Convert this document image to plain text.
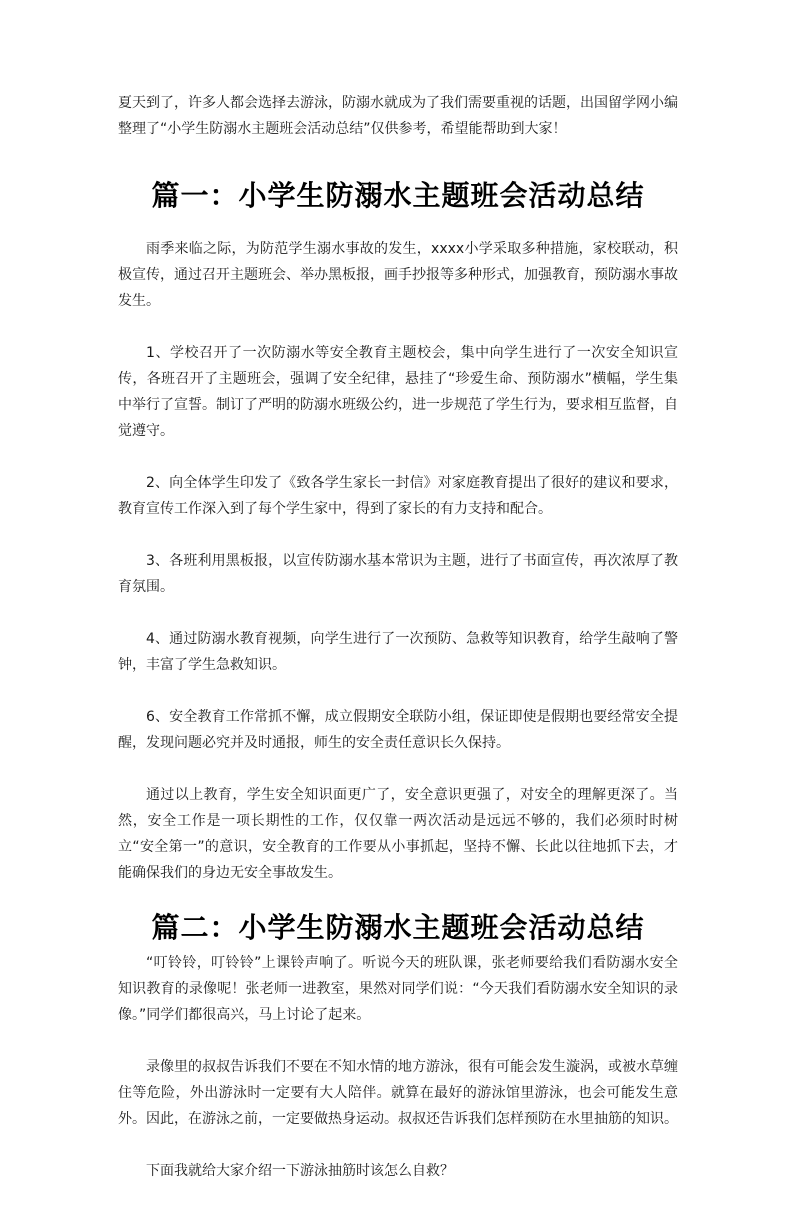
夏天到了，许多人都会选择去游泳，防溺水就成为了我们需要重视的话题，出国留学网小编整理了“小学生防溺水主题班会活动总结”仅供参考，希望能帮助到大家！

篇一：小学生防溺水主题班会活动总结

雨季来临之际，为防范学生溺水事故的发生，xxxx小学采取多种措施，家校联动，积极宣传，通过召开主题班会、举办黑板报，画手抄报等多种形式，加强教育，预防溺水事故发生。

1、学校召开了一次防溺水等安全教育主题校会，集中向学生进行了一次安全知识宣传，各班召开了主题班会，强调了安全纪律，悬挂了“珍爱生命、预防溺水”横幅，学生集中举行了宣誓。制订了严明的防溺水班级公约，进一步规范了学生行为，要求相互监督，自觉遵守。

2、向全体学生印发了《致各学生家长一封信》对家庭教育提出了很好的建议和要求，教育宣传工作深入到了每个学生家中，得到了家长的有力支持和配合。

3、各班利用黑板报，以宣传防溺水基本常识为主题，进行了书面宣传，再次浓厚了教育氛围。

4、通过防溺水教育视频，向学生进行了一次预防、急救等知识教育，给学生敲响了警钟，丰富了学生急救知识。

6、安全教育工作常抓不懈，成立假期安全联防小组，保证即使是假期也要经常安全提醒，发现问题必究并及时通报，师生的安全责任意识长久保持。

通过以上教育，学生安全知识面更广了，安全意识更强了，对安全的理解更深了。当然，安全工作是一项长期性的工作，仅仅靠一两次活动是远远不够的，我们必须时时树立“安全第一”的意识，安全教育的工作要从小事抓起，坚持不懈、长此以往地抓下去，才能确保我们的身边无安全事故发生。

篇二：小学生防溺水主题班会活动总结

“叮铃铃，叮铃铃”上课铃声响了。听说今天的班队课，张老师要给我们看防溺水安全知识教育的录像呢！张老师一进教室，果然对同学们说：“今天我们看防溺水安全知识的录像。”同学们都很高兴，马上讨论了起来。

录像里的叔叔告诉我们不要在不知水情的地方游泳，很有可能会发生漩涡，或被水草缠住等危险，外出游泳时一定要有大人陪伴。就算在最好的游泳馆里游泳，也会可能发生意外。因此，在游泳之前，一定要做热身运动。叔叔还告诉我们怎样预防在水里抽筋的知识。

下面我就给大家介绍一下游泳抽筋时该怎么自救？
